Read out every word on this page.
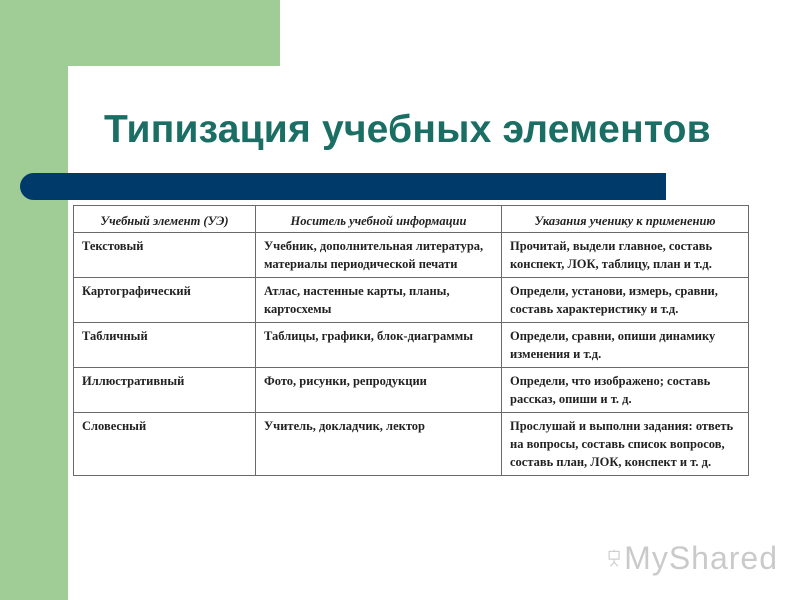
Типизация учебных элементов
Учебный элемент (УЭ)	Носитель учебной информации	Указания ученику к применению
Текстовый	Учебник, дополнительная литература, материалы периодической печати	Прочитай, выдели главное, составь конспект, ЛОК, таблицу, план и т.д.
Картографический	Атлас, настенные карты, планы, картосхемы	Определи, установи, измерь, сравни, составь характеристику и т.д.
Табличный	Таблицы, графики, блок-диаграммы	Определи, сравни, опиши динамику изменения и т.д.
Иллюстративный	Фото, рисунки, репродукции	Определи, что изображено; составь рассказ, опиши и т. д.
Словесный	Учитель, докладчик, лектор	Прослушай и выполни задания: ответь на вопросы, составь список вопросов, составь план, ЛОК, конспект и т. д.
MyShared
